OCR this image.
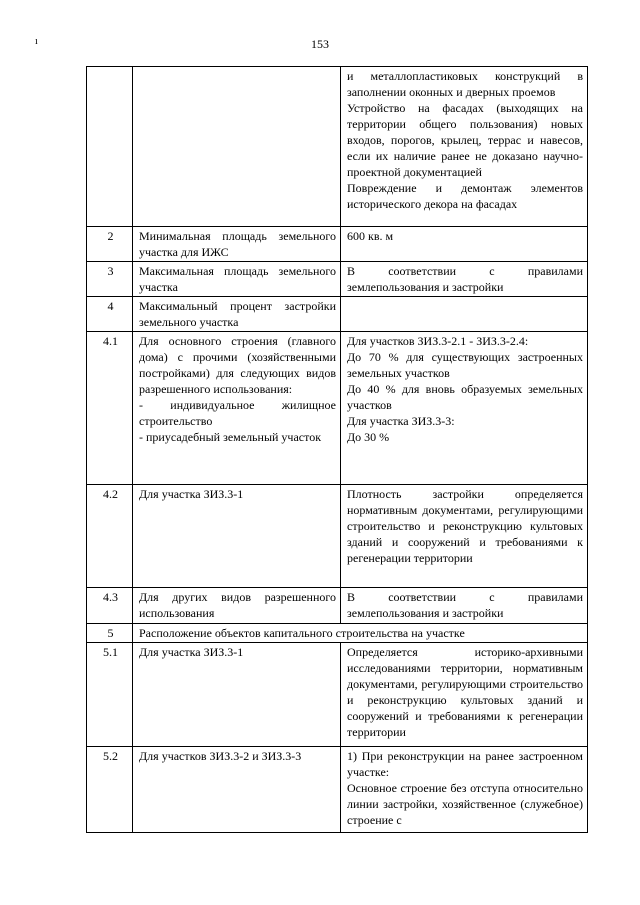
153
ı

		и металлопластиковых конструкций в заполнении оконных и дверных проемов
Устройство на фасадах (выходящих на территории общего пользования) новых входов, порогов, крылец, террас и навесов, если их наличие ранее не доказано научно-проектной документацией
Повреждение и демонтаж элементов исторического декора на фасадах

2	Минимальная площадь земельного участка для ИЖС	600 кв. м

3	Максимальная площадь земельного участка	В соответствии с правилами землепользования и застройки

4	Максимальный процент застройки земельного участка	

4.1	Для основного строения (главного дома) с прочими (хозяйственными постройками) для следующих видов разрешенного использования:
- индивидуальное жилищное строительство
- приусадебный земельный участок	Для участков ЗИЗ.3-2.1 - ЗИЗ.3-2.4:
До 70 % для существующих застроенных земельных участков
До 40 % для вновь образуемых земельных участков
Для участка ЗИЗ.3-3:
До 30 %

4.2	Для участка ЗИЗ.3-1	Плотность застройки определяется нормативным документами, регулирующими строительство и реконструкцию культовых зданий и сооружений и требованиями к регенерации территории

4.3	Для других видов разрешенного использования	В соответствии с правилами землепользования и застройки

5	Расположение объектов капитального строительства на участке	
5.1	Для участка ЗИЗ.3-1	Определяется историко-архивными исследованиями территории, нормативным документами, регулирующими строительство и реконструкцию культовых зданий и сооружений и требованиями к регенерации территории

5.2	Для участков ЗИЗ.3-2 и ЗИЗ.3-3	1) При реконструкции на ранее застроенном участке:
Основное строение без отступа относительно линии застройки, хозяйственное (служебное) строение с
